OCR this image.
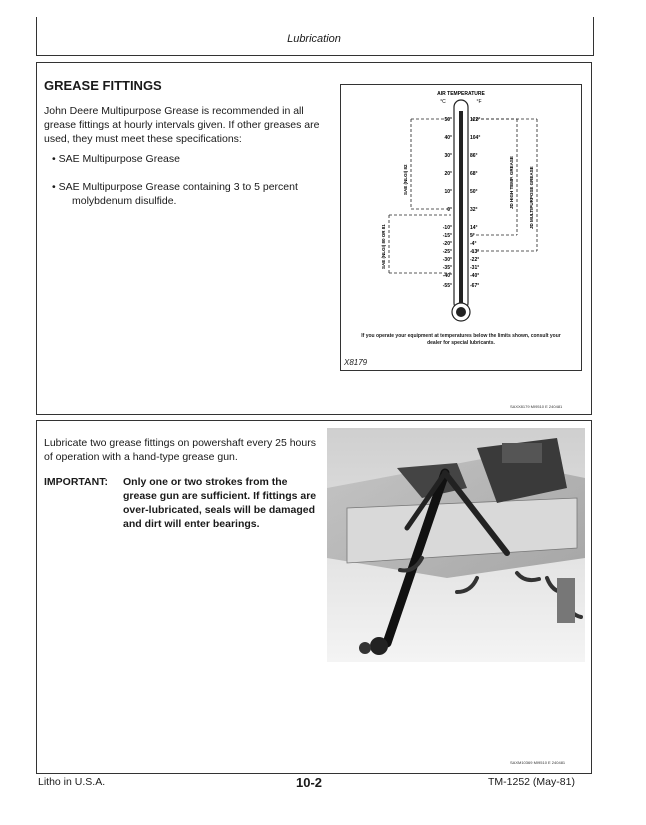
Lubrication
GREASE FITTINGS
John Deere Multipurpose Grease is recommended in all grease fittings at hourly intervals given. If other greases are used, they must meet these specifications:
• SAE Multipurpose Grease
• SAE Multipurpose Grease containing 3 to 5 percent
molybdenum disulfide.
AIR TEMPERATURE
°C	°F
50°	122°
40°	104°
30°	86°
20°	68°
10°	50°
0°	32°
-10°	14°
-15°	5°
-20°	-4°
-25°	-13°
-30°	-22°
-35°	-31°
-40°	-40°
-55°	-67°
SAE (NLGI) 82
SAE (NLGI) 80 OR 81
JD HIGH TEMP. GREASE	JD MULTIPURPOSE GREASE
If you operate your equipment at temperatures below the limits shown, consult your dealer for special lubricants.
X8179
SAXX8179 MI9510 E 240481
Lubricate two grease fittings on powershaft every 25 hours of operation with a hand-type grease gun.
IMPORTANT: Only one or two strokes from the grease gun are sufficient. If fittings are over-lubricated, seals will be damaged and dirt will enter bearings.
SAXM10369 MI9510 E 240481
Litho in U.S.A.	10-2	TM-1252 (May-81)
